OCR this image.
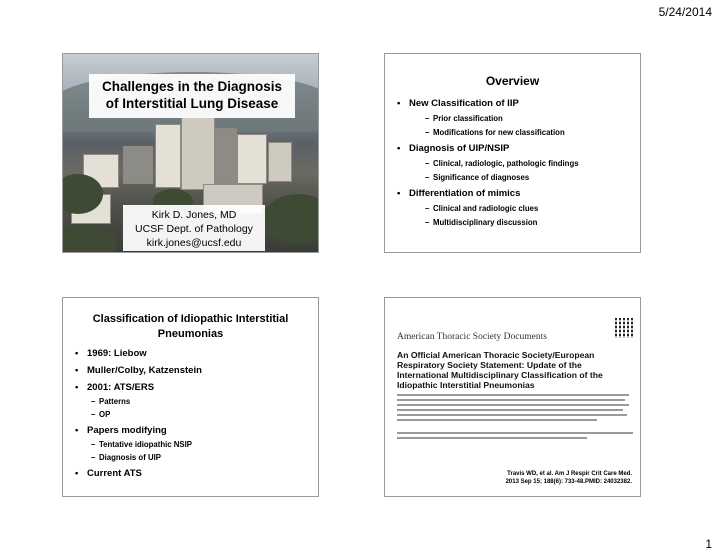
5/24/2014
Challenges in the Diagnosis
of Interstitial Lung Disease
Kirk D. Jones, MD
UCSF Dept. of Pathology
kirk.jones@ucsf.edu
Overview
• New Classification of IIP
– Prior classification
– Modifications for new classification
• Diagnosis of UIP/NSIP
– Clinical, radiologic, pathologic findings
– Significance of diagnoses
• Differentiation of mimics
– Clinical and radiologic clues
– Multidisciplinary discussion
Classification of Idiopathic Interstitial
Pneumonias
• 1969: Liebow
• Muller/Colby, Katzenstein
• 2001: ATS/ERS
– Patterns
– OP
• Papers modifying
– Tentative idiopathic NSIP
– Diagnosis of UIP
• Current ATS
American Thoracic Society Documents
An Official American Thoracic Society/European Respiratory Society Statement: Update of the International Multidisciplinary Classification of the Idiopathic Interstitial Pneumonias
Travis WD, et al. Am J Respir Crit Care Med.
2013 Sep 15; 188(6): 733-48.PMID: 24032382.
1
